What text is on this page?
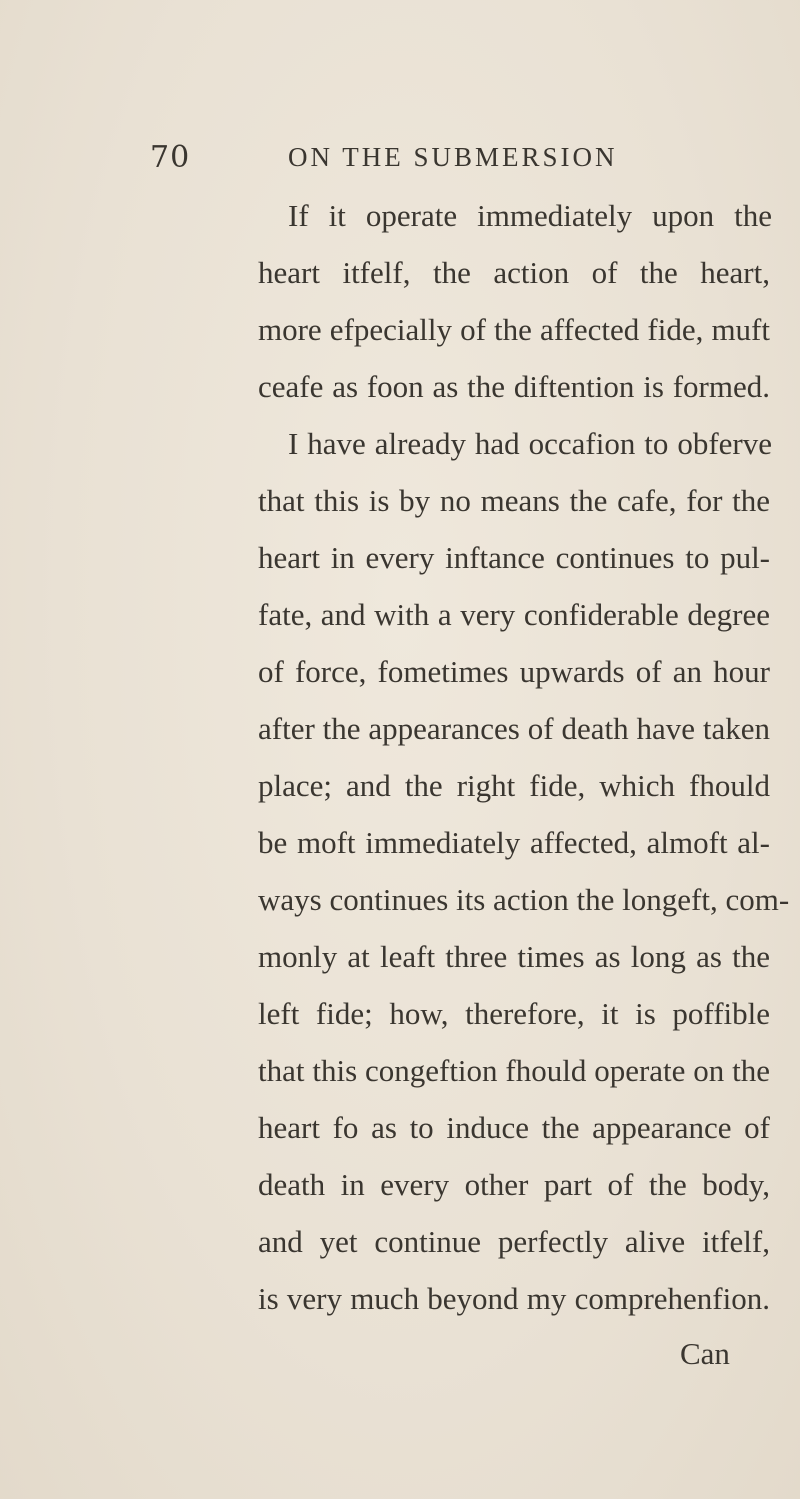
70	ON THE SUBMERSION
If it operate immediately upon the
heart itfelf, the action of the heart,
more efpecially of the affected fide, muft
ceafe as foon as the diftention is formed.
I have already had occafion to obferve
that this is by no means the cafe, for the
heart in every inftance continues to pul-
fate, and with a very confiderable degree
of force, fometimes upwards of an hour
after the appearances of death have taken
place; and the right fide, which fhould
be moft immediately affected, almoft al-
ways continues its action the longeft, com-
monly at leaft three times as long as the
left fide; how, therefore, it is poffible
that this congeftion fhould operate on the
heart fo as to induce the appearance of
death in every other part of the body,
and yet continue perfectly alive itfelf,
is very much beyond my comprehenfion.
Can
